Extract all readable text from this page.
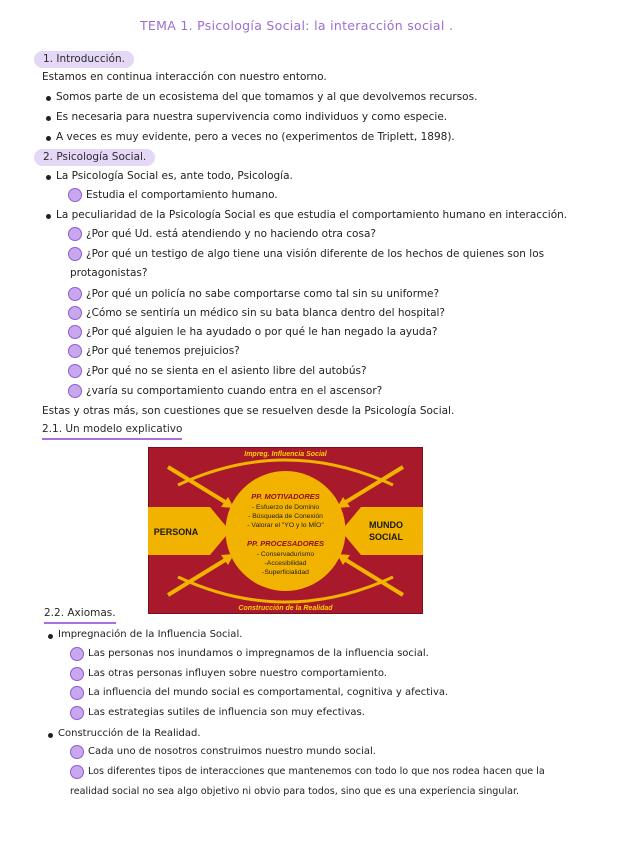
TEMA 1. Psicología Social: la interacción social .
1. Introducción.
Estamos en continua interacción con nuestro entorno.
Somos parte de un ecosistema del que tomamos y al que devolvemos recursos.
Es necesaria para nuestra supervivencia como individuos y como especie.
A veces es muy evidente, pero a veces no (experimentos de Triplett, 1898).
2. Psicología Social.
La Psicología Social es, ante todo, Psicología.
Estudia el comportamiento humano.
La peculiaridad de la Psicología Social es que estudia el comportamiento humano en interacción.
¿Por qué Ud. está atendiendo y no haciendo otra cosa?
¿Por qué un testigo de algo tiene una visión diferente de los hechos de quienes son los
protagonistas?
¿Por qué un policía no sabe comportarse como tal sin su uniforme?
¿Cómo se sentiría un médico sin su bata blanca dentro del hospital?
¿Por qué alguien le ha ayudado o por qué le han negado la ayuda?
¿Por qué tenemos prejuicios?
¿Por qué no se sienta en el asiento libre del autobús?
¿varía su comportamiento cuando entra en el ascensor?
Estas y otras más, son cuestiones que se resuelven desde la Psicología Social.
2.1. Un modelo explicativo
Impreg. Influencia Social
Construcción de la Realidad
PERSONA
MUNDO
SOCIAL
PP. MOTIVADORES
- Esfuerzo de Dominio
- Búsqueda de Conexión
- Valorar el "YO y lo MÍO"
PP. PROCESADORES
- Conservadurismo
-Accesibilidad
-Superficialidad
2.2. Axiomas.
Impregnación de la Influencia Social.
Las personas nos inundamos o impregnamos de la influencia social.
Las otras personas influyen sobre nuestro comportamiento.
La influencia del mundo social es comportamental, cognitiva y afectiva.
Las estrategias sutiles de influencia son muy efectivas.
Construcción de la Realidad.
Cada uno de nosotros construimos nuestro mundo social.
Los diferentes tipos de interacciones que mantenemos con todo lo que nos rodea hacen que la
realidad social no sea algo objetivo ni obvio para todos, sino que es una experiencia singular.
